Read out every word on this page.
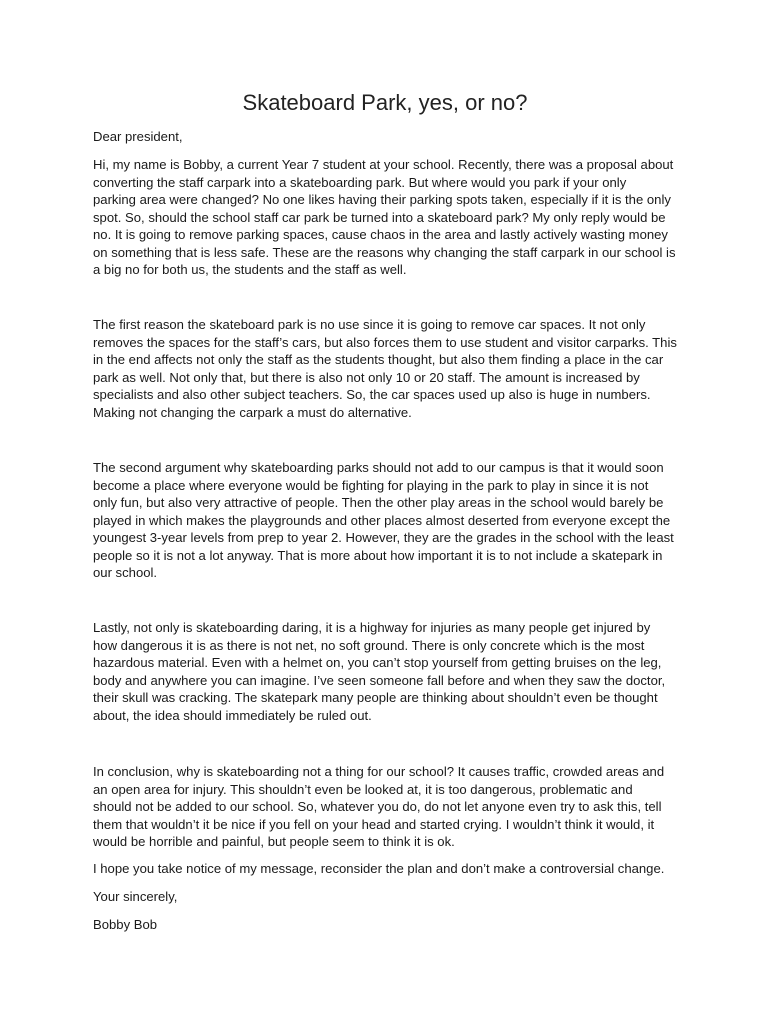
Skateboard Park, yes, or no?
Dear president,
Hi, my name is Bobby, a current Year 7 student at your school. Recently, there was a proposal about
converting the staff carpark into a skateboarding park. But where would you park if your only
parking area were changed? No one likes having their parking spots taken, especially if it is the only
spot. So, should the school staff car park be turned into a skateboard park? My only reply would be
no. It is going to remove parking spaces, cause chaos in the area and lastly actively wasting money
on something that is less safe. These are the reasons why changing the staff carpark in our school is
a big no for both us, the students and the staff as well.
The first reason the skateboard park is no use since it is going to remove car spaces. It not only
removes the spaces for the staff’s cars, but also forces them to use student and visitor carparks. This
in the end affects not only the staff as the students thought, but also them finding a place in the car
park as well. Not only that, but there is also not only 10 or 20 staff. The amount is increased by
specialists and also other subject teachers. So, the car spaces used up also is huge in numbers.
Making not changing the carpark a must do alternative.
The second argument why skateboarding parks should not add to our campus is that it would soon
become a place where everyone would be fighting for playing in the park to play in since it is not
only fun, but also very attractive of people. Then the other play areas in the school would barely be
played in which makes the playgrounds and other places almost deserted from everyone except the
youngest 3-year levels from prep to year 2. However, they are the grades in the school with the least
people so it is not a lot anyway. That is more about how important it is to not include a skatepark in
our school.
Lastly, not only is skateboarding daring, it is a highway for injuries as many people get injured by
how dangerous it is as there is not net, no soft ground. There is only concrete which is the most
hazardous material. Even with a helmet on, you can’t stop yourself from getting bruises on the leg,
body and anywhere you can imagine. I’ve seen someone fall before and when they saw the doctor,
their skull was cracking. The skatepark many people are thinking about shouldn’t even be thought
about, the idea should immediately be ruled out.
In conclusion, why is skateboarding not a thing for our school? It causes traffic, crowded areas and
an open area for injury. This shouldn’t even be looked at, it is too dangerous, problematic and
should not be added to our school. So, whatever you do, do not let anyone even try to ask this, tell
them that wouldn’t it be nice if you fell on your head and started crying. I wouldn’t think it would, it
would be horrible and painful, but people seem to think it is ok.
I hope you take notice of my message, reconsider the plan and don’t make a controversial change.
Your sincerely,
Bobby Bob
